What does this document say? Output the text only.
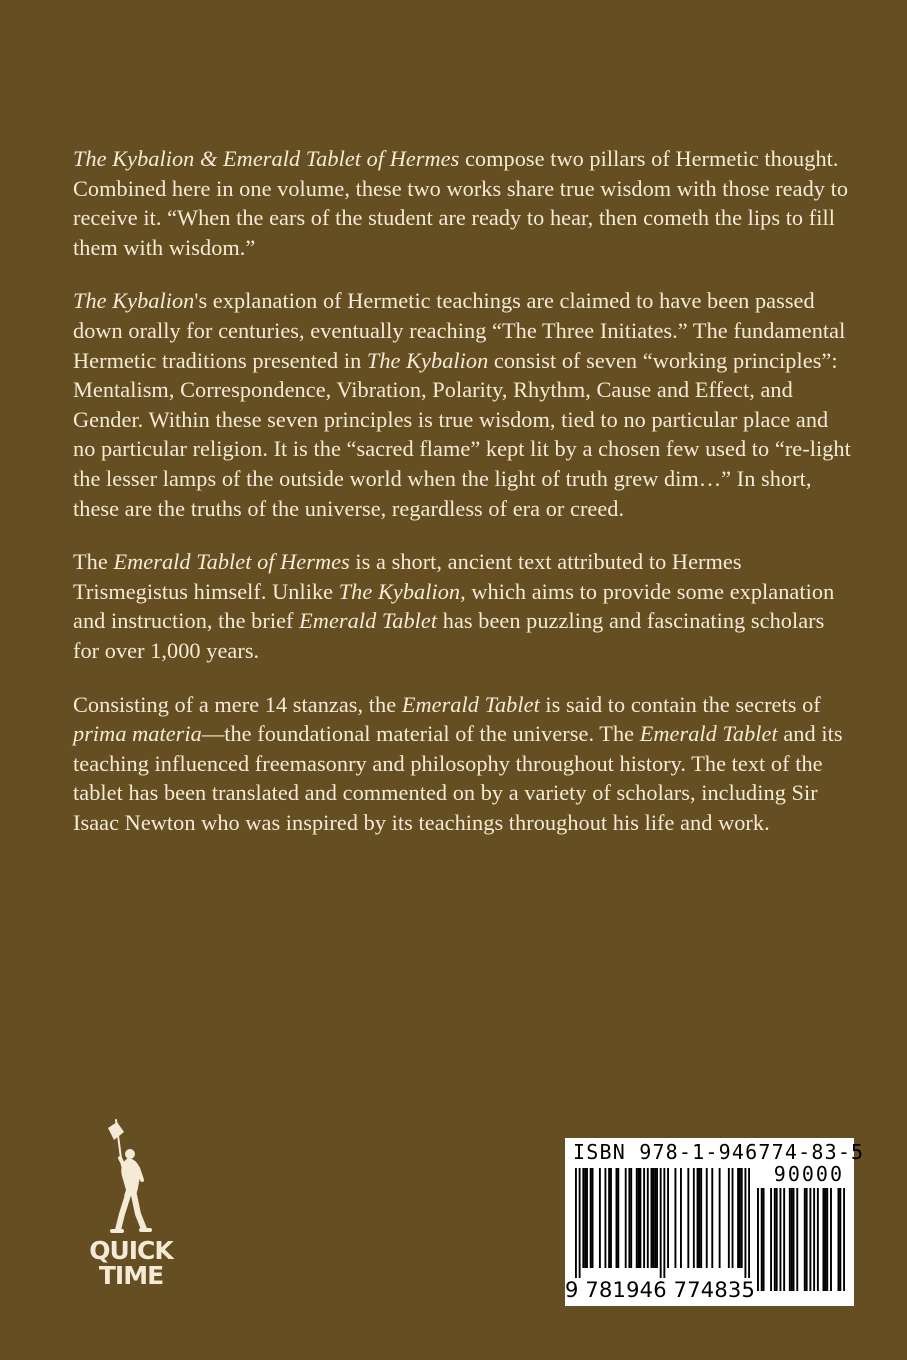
The Kybalion & Emerald Tablet of Hermes compose two pillars of Hermetic thought. Combined here in one volume, these two works share true wisdom with those ready to receive it. “When the ears of the student are ready to hear, then cometh the lips to fill them with wisdom.”

The Kybalion's explanation of Hermetic teachings are claimed to have been passed down orally for centuries, eventually reaching “The Three Initiates.” The fundamental Hermetic traditions presented in The Kybalion consist of seven “working principles”: Mentalism, Correspondence, Vibration, Polarity, Rhythm, Cause and Effect, and Gender. Within these seven principles is true wisdom, tied to no particular place and no particular religion. It is the “sacred flame” kept lit by a chosen few used to “re-light the lesser lamps of the outside world when the light of truth grew dim…” In short, these are the truths of the universe, regardless of era or creed.

The Emerald Tablet of Hermes is a short, ancient text attributed to Hermes Trismegistus himself. Unlike The Kybalion, which aims to provide some explanation and instruction, the brief Emerald Tablet has been puzzling and fascinating scholars for over 1,000 years.

Consisting of a mere 14 stanzas, the Emerald Tablet is said to contain the secrets of prima materia—the foundational material of the universe. The Emerald Tablet and its teaching influenced freemasonry and philosophy throughout history. The text of the tablet has been translated and commented on by a variety of scholars, including Sir Isaac Newton who was inspired by its teachings throughout his life and work.

QUICK
TIME
ISBN 978-1-946774-83-5
90000
9 781946 774835
